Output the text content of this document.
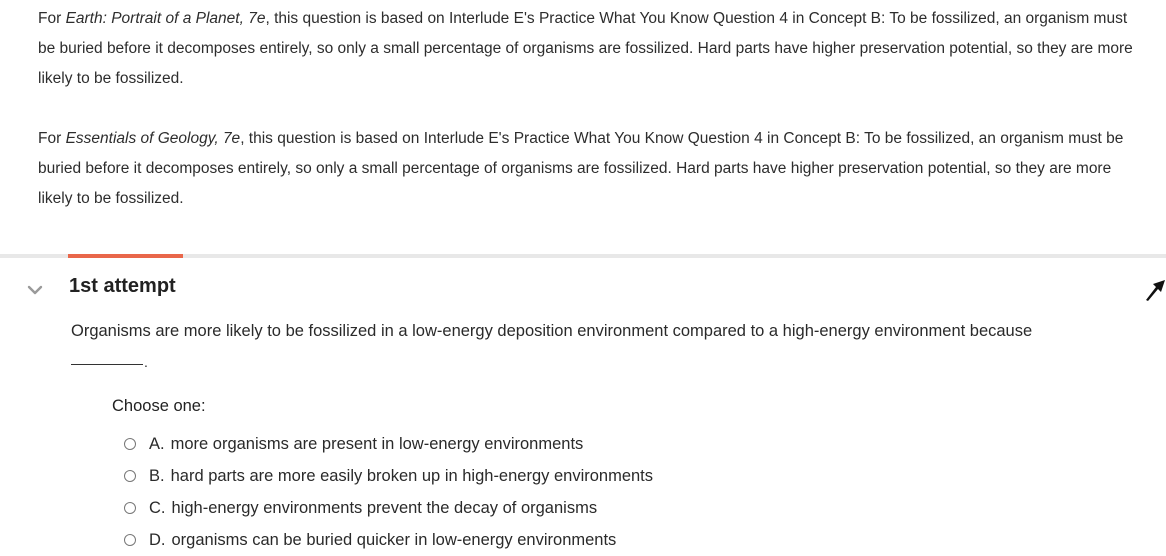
For Earth: Portrait of a Planet, 7e, this question is based on Interlude E's Practice What You Know Question 4 in Concept B: To be fossilized, an organism must be buried before it decomposes entirely, so only a small percentage of organisms are fossilized. Hard parts have higher preservation potential, so they are more likely to be fossilized.

For Essentials of Geology, 7e, this question is based on Interlude E's Practice What You Know Question 4 in Concept B: To be fossilized, an organism must be buried before it decomposes entirely, so only a small percentage of organisms are fossilized. Hard parts have higher preservation potential, so they are more likely to be fossilized.

1st attempt

Organisms are more likely to be fossilized in a low-energy deposition environment compared to a high-energy environment because

.

Choose one:

A. more organisms are present in low-energy environments
B. hard parts are more easily broken up in high-energy environments
C. high-energy environments prevent the decay of organisms
D. organisms can be buried quicker in low-energy environments
